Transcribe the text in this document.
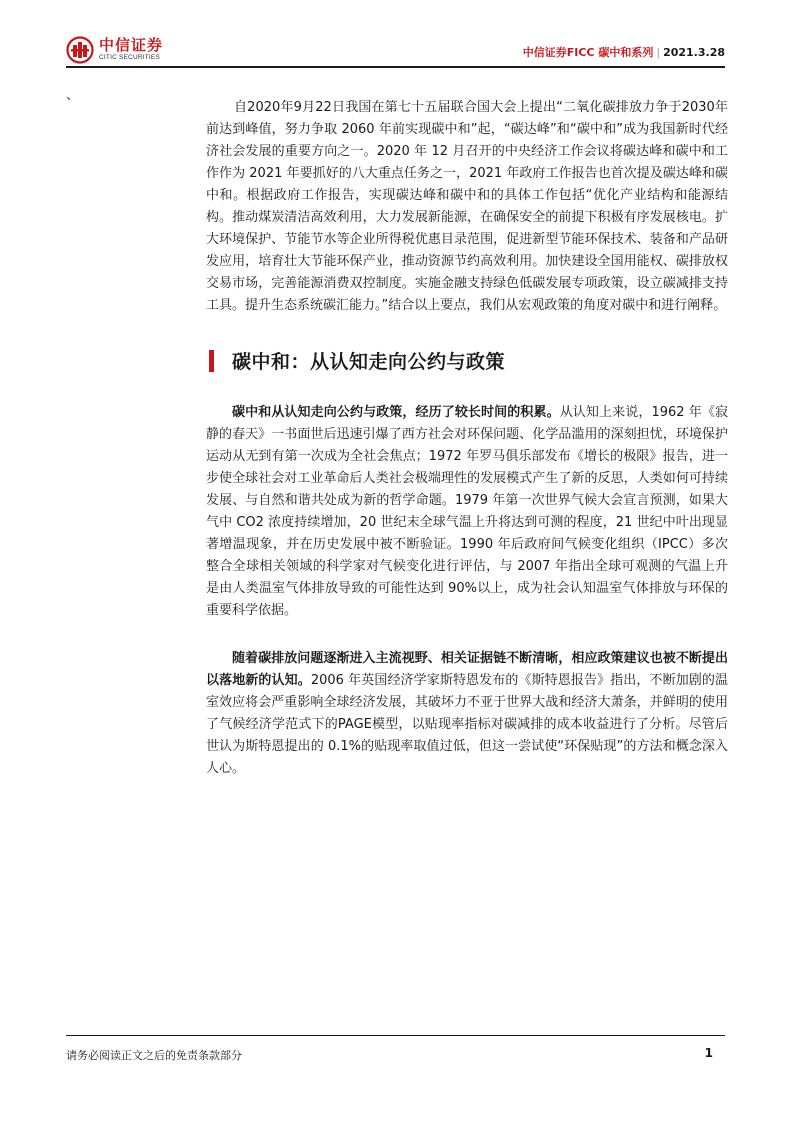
中信证券
CITIC SECURITIES	中信证券FICC 碳中和系列 | 2021.3.28
、

自2020年9月22日我国在第七十五届联合国大会上提出“二氧化碳排放力争于2030年前达到峰值，努力争取 2060 年前实现碳中和”起，“碳达峰”和“碳中和”成为我国新时代经济社会发展的重要方向之一。2020 年 12 月召开的中央经济工作会议将碳达峰和碳中和工作作为 2021 年要抓好的八大重点任务之一，2021 年政府工作报告也首次提及碳达峰和碳中和。根据政府工作报告，实现碳达峰和碳中和的具体工作包括“优化产业结构和能源结构。推动煤炭清洁高效利用，大力发展新能源，在确保安全的前提下积极有序发展核电。扩大环境保护、节能节水等企业所得税优惠目录范围，促进新型节能环保技术、装备和产品研发应用，培育壮大节能环保产业，推动资源节约高效利用。加快建设全国用能权、碳排放权交易市场，完善能源消费双控制度。实施金融支持绿色低碳发展专项政策，设立碳减排支持工具。提升生态系统碳汇能力。”结合以上要点，我们从宏观政策的角度对碳中和进行阐释。

碳中和：从认知走向公约与政策

碳中和从认知走向公约与政策，经历了较长时间的积累。从认知上来说，1962 年《寂静的春天》一书面世后迅速引爆了西方社会对环保问题、化学品滥用的深刻担忧，环境保护运动从无到有第一次成为全社会焦点；1972 年罗马俱乐部发布《增长的极限》报告，进一步使全球社会对工业革命后人类社会极端理性的发展模式产生了新的反思，人类如何可持续发展、与自然和谐共处成为新的哲学命题。1979 年第一次世界气候大会宣言预测，如果大气中 CO2 浓度持续增加，20 世纪末全球气温上升将达到可测的程度，21 世纪中叶出现显著增温现象，并在历史发展中被不断验证。1990 年后政府间气候变化组织（IPCC）多次整合全球相关领域的科学家对气候变化进行评估，与 2007 年指出全球可观测的气温上升是由人类温室气体排放导致的可能性达到 90%以上，成为社会认知温室气体排放与环保的重要科学依据。

随着碳排放问题逐渐进入主流视野、相关证据链不断清晰，相应政策建议也被不断提出以落地新的认知。2006 年英国经济学家斯特恩发布的《斯特恩报告》指出，不断加剧的温室效应将会严重影响全球经济发展，其破坏力不亚于世界大战和经济大萧条，并鲜明的使用了气候经济学范式下的PAGE模型，以贴现率指标对碳减排的成本收益进行了分析。尽管后世认为斯特恩提出的 0.1%的贴现率取值过低，但这一尝试使“环保贴现”的方法和概念深入人心。

请务必阅读正文之后的免责条款部分	1
